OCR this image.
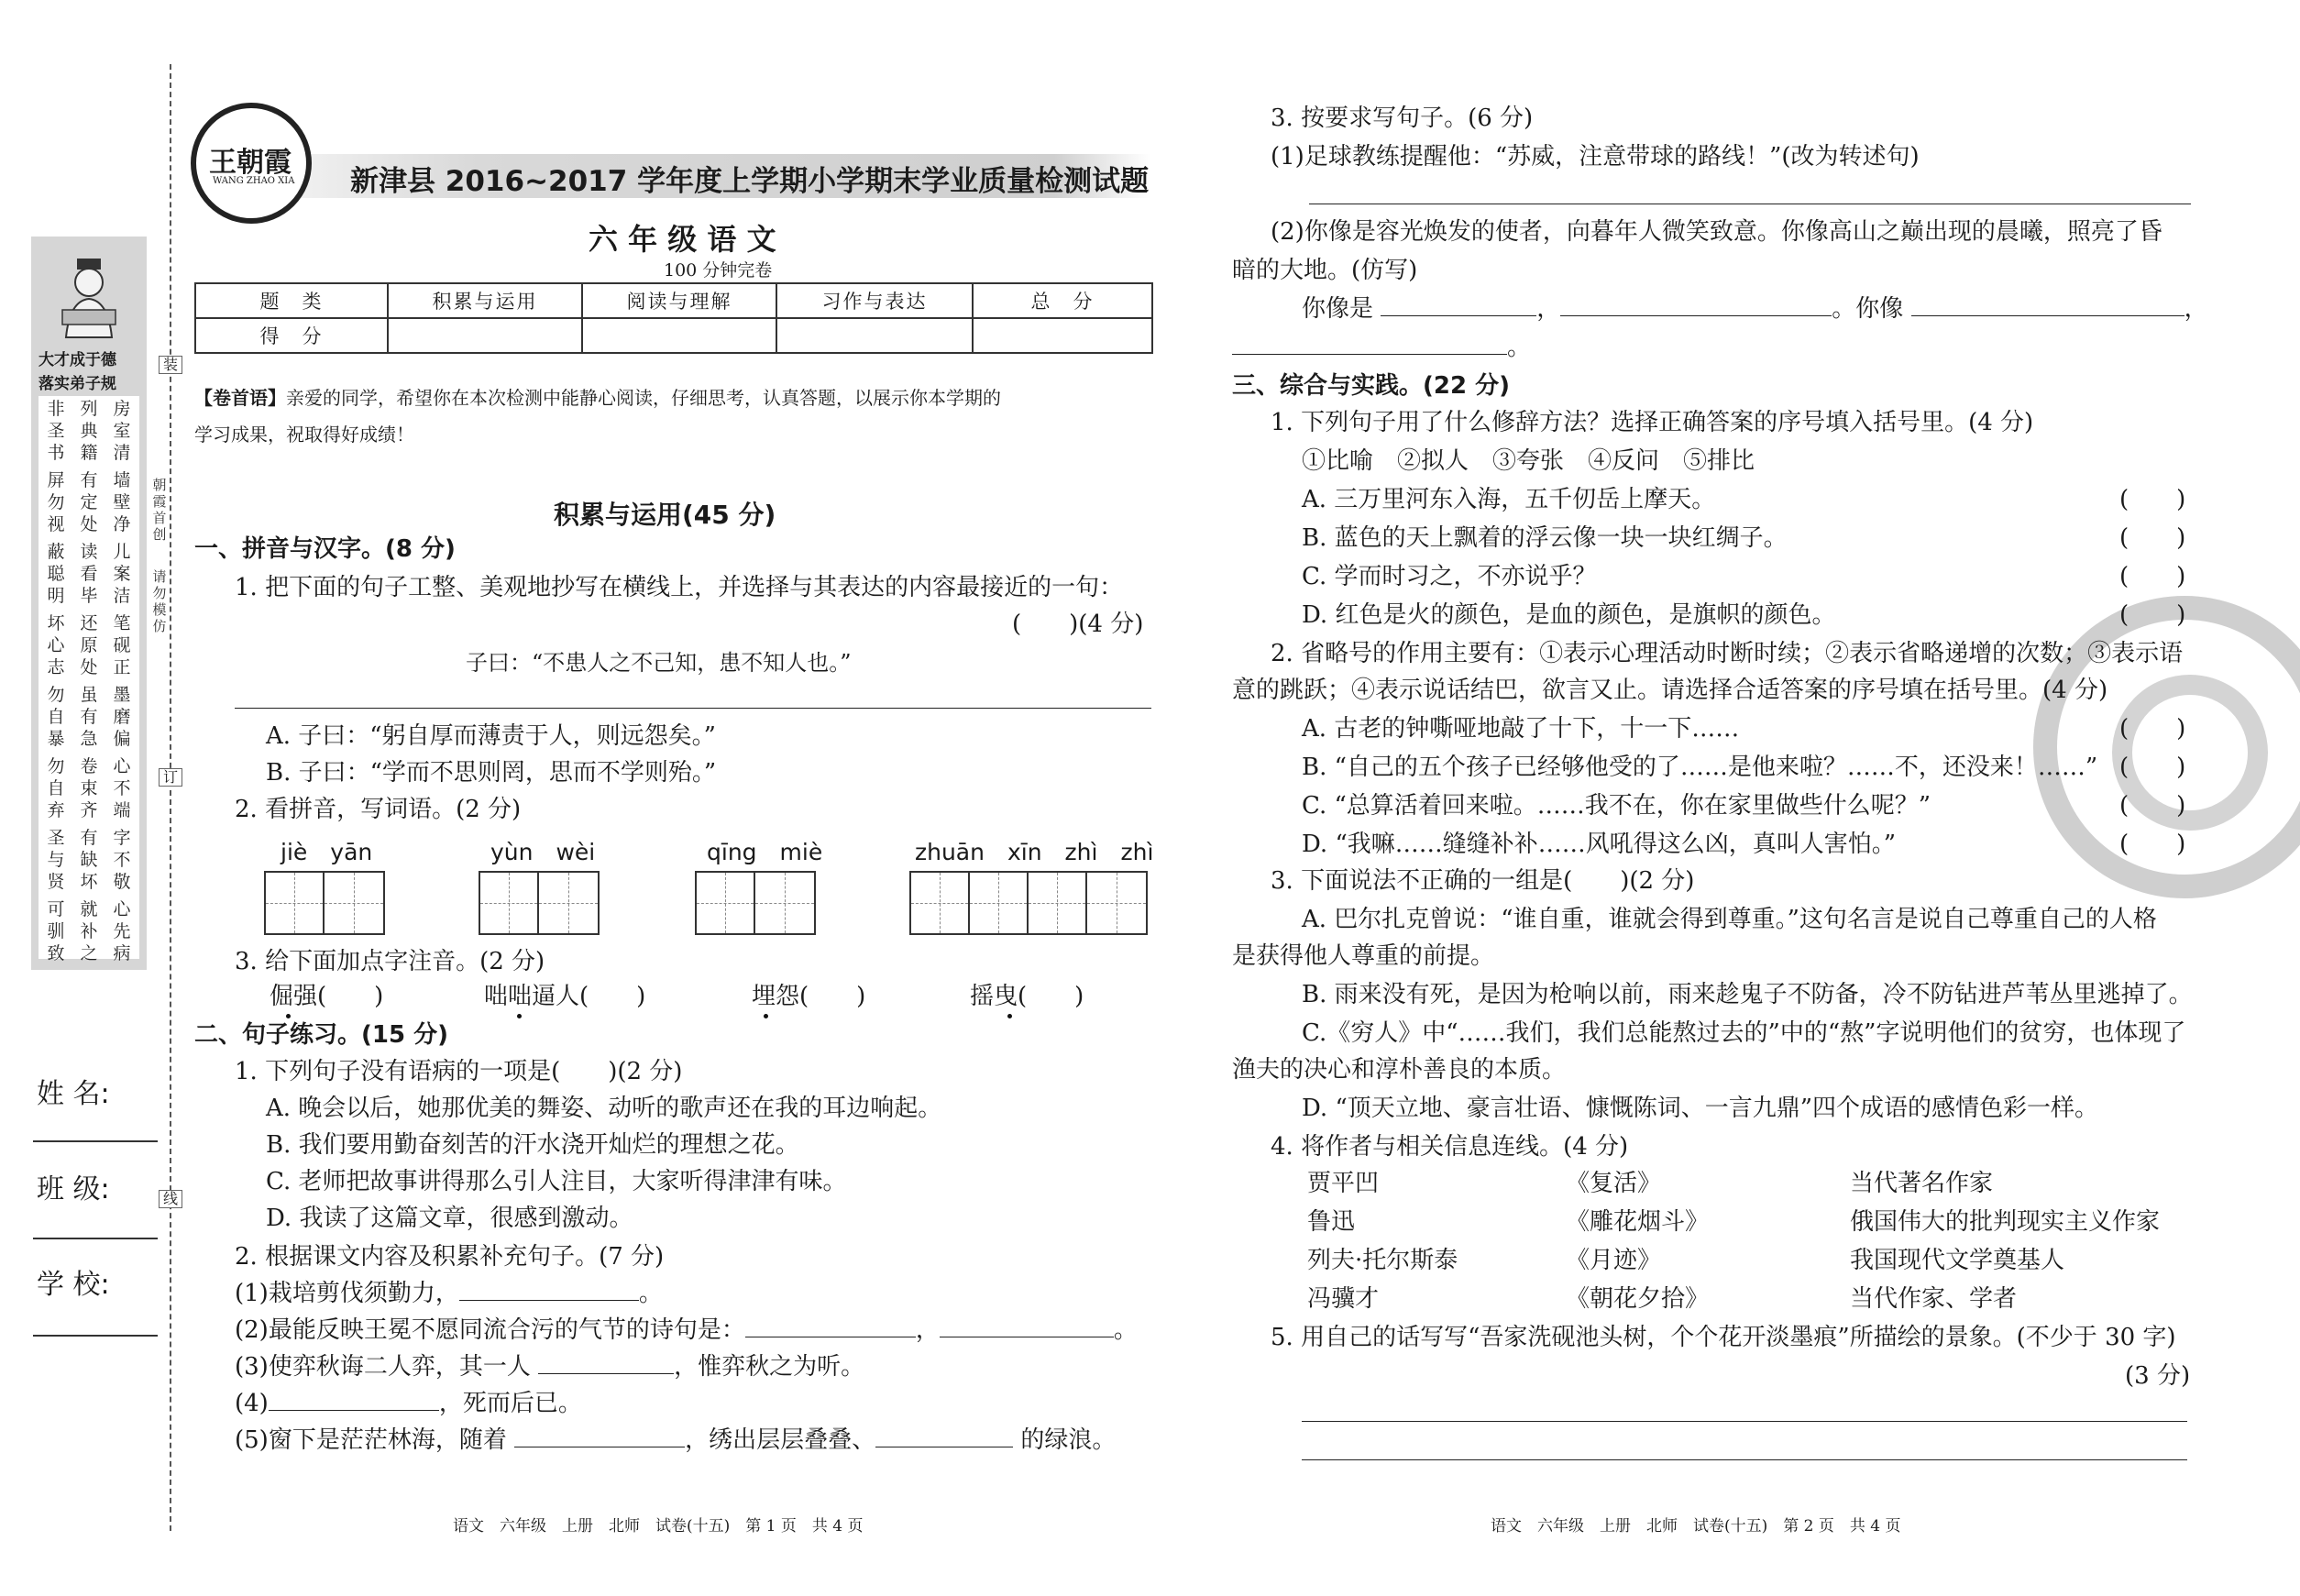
大才成于德
落实弟子规
非圣书
列典籍
房室清
屏勿视
有定处
墙壁净
蔽聪明
读看毕
儿案洁
坏心志
还原处
笔砚正
勿自暴
虽有急
墨磨偏
勿自弃
卷束齐
心不端
圣与贤
有缺坏
字不敬
可驯致
就补之
心先病
装
订
线
朝霞首创
请勿模仿
姓 名:
班 级:
学 校:
王朝霞
WANG ZHAO XIA 新津县 2016~2017 学年度上学期小学期末学业质量检测试题
六 年 级 语 文
100 分钟完卷
题　类	积累与运用	阅读与理解	习作与表达	总　分
得　分				
【卷首语】亲爱的同学，希望你在本次检测中能静心阅读，仔细思考，认真答题，以展示你本学期的
学习成果，祝取得好成绩！
积累与运用(45 分)
一、拼音与汉字。(8 分)
1. 把下面的句子工整、美观地抄写在横线上，并选择与其表达的内容最接近的一句：
(　　)(4 分)
子曰：“不患人之不己知，患不知人也。”
A. 子曰：“躬自厚而薄责于人，则远怨矣。”
B. 子曰：“学而不思则罔，思而不学则殆。”
2. 看拼音，写词语。(2 分)
jiè　yān	yùn　wèi	qīng　miè	zhuān　xīn　zhì　zhì
3. 给下面加点字注音。(2 分)
倔强(　　)	咄咄逼人(　　)	埋怨(　　)	摇曳(　　)
二、句子练习。(15 分)
1. 下列句子没有语病的一项是(　　)(2 分)
A. 晚会以后，她那优美的舞姿、动听的歌声还在我的耳边响起。
B. 我们要用勤奋刻苦的汗水浇开灿烂的理想之花。
C. 老师把故事讲得那么引人注目，大家听得津津有味。
D. 我读了这篇文章，很感到激动。
2. 根据课文内容及积累补充句子。(7 分)
(1)栽培剪伐须勤力，	。
(2)最能反映王冕不愿同流合污的气节的诗句是：	，	。
(3)使弈秋诲二人弈，其一人	，惟弈秋之为听。
(4)	，死而后已。
(5)窗下是茫茫林海，随着	，绣出层层叠叠、	的绿浪。
语文　六年级　上册　北师　试卷(十五)　第 1 页　共 4 页
3. 按要求写句子。(6 分)
(1)足球教练提醒他：“苏威，注意带球的路线！”(改为转述句)
(2)你像是容光焕发的使者，向暮年人微笑致意。你像高山之巅出现的晨曦，照亮了昏
暗的大地。(仿写)
你像是	，	。你像	，
。
三、综合与实践。(22 分)
1. 下列句子用了什么修辞方法？选择正确答案的序号填入括号里。(4 分)
①比喻　②拟人　③夸张　④反问　⑤排比
A. 三万里河东入海，五千仞岳上摩天。	(　　)
B. 蓝色的天上飘着的浮云像一块一块红绸子。	(　　)
C. 学而时习之，不亦说乎？	(　　)
D. 红色是火的颜色，是血的颜色，是旗帜的颜色。	(　　)
2. 省略号的作用主要有：①表示心理活动时断时续；②表示省略递增的次数；③表示语
意的跳跃；④表示说话结巴，欲言又止。请选择合适答案的序号填在括号里。(4 分)
A. 古老的钟嘶哑地敲了十下，十一下……	(　　)
B. “自己的五个孩子已经够他受的了……是他来啦？……不，还没来！……” (　　)
C. “总算活着回来啦。……我不在，你在家里做些什么呢？”	(　　)
D. “我嘛……缝缝补补……风吼得这么凶，真叫人害怕。”	(　　)
3. 下面说法不正确的一组是(　　)(2 分)
A. 巴尔扎克曾说：“谁自重，谁就会得到尊重。”这句名言是说自己尊重自己的人格
是获得他人尊重的前提。
B. 雨来没有死，是因为枪响以前，雨来趁鬼子不防备，冷不防钻进芦苇丛里逃掉了。
C.《穷人》中“……我们，我们总能熬过去的”中的“熬”字说明他们的贫穷，也体现了
渔夫的决心和淳朴善良的本质。
D. “顶天立地、豪言壮语、慷慨陈词、一言九鼎”四个成语的感情色彩一样。
4. 将作者与相关信息连线。(4 分)
贾平凹	《复活》	当代著名作家
鲁迅	《雕花烟斗》	俄国伟大的批判现实主义作家
列夫·托尔斯泰	《月迹》	我国现代文学奠基人
冯骥才	《朝花夕拾》	当代作家、学者
5. 用自己的话写写“吾家洗砚池头树，个个花开淡墨痕”所描绘的景象。(不少于 30 字)
(3 分)
语文　六年级　上册　北师　试卷(十五)　第 2 页　共 4 页
